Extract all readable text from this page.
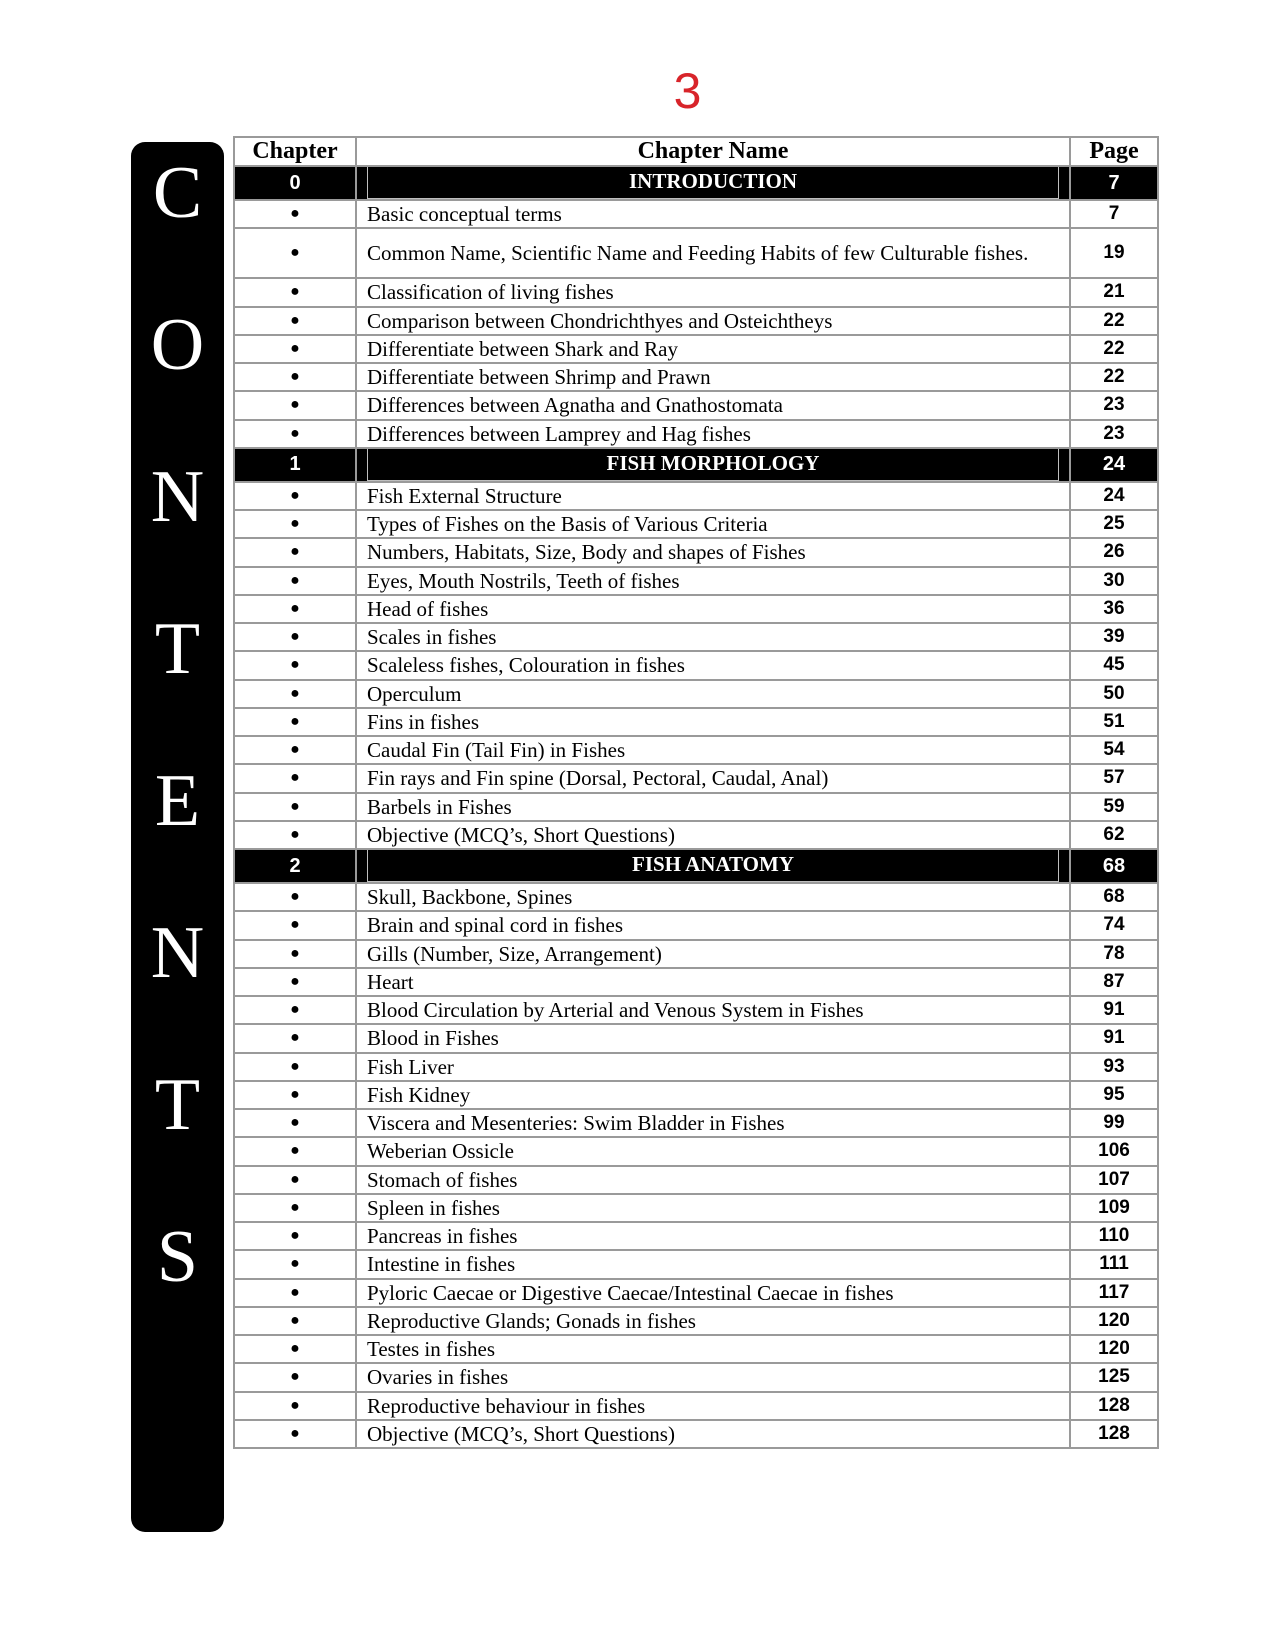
3
C
O
N
T
E
N
T
S
Chapter	Chapter Name	Page
0	INTRODUCTION	7
●	Basic conceptual terms	7
●	Common Name, Scientific Name and Feeding Habits of few Culturable fishes.	19
●	Classification of living fishes	21
●	Comparison between Chondrichthyes and Osteichtheys	22
●	Differentiate between Shark and Ray	22
●	Differentiate between Shrimp and Prawn	22
●	Differences between Agnatha and Gnathostomata	23
●	Differences between Lamprey and Hag fishes	23
1	FISH MORPHOLOGY	24
●	Fish External Structure	24
●	Types of Fishes on the Basis of Various Criteria	25
●	Numbers, Habitats, Size, Body and shapes of Fishes	26
●	Eyes, Mouth Nostrils, Teeth of fishes	30
●	Head of fishes	36
●	Scales in fishes	39
●	Scaleless fishes, Colouration in fishes	45
●	Operculum	50
●	Fins in fishes	51
●	Caudal Fin (Tail Fin) in Fishes	54
●	Fin rays and Fin spine (Dorsal, Pectoral, Caudal, Anal)	57
●	Barbels in Fishes	59
●	Objective (MCQ’s, Short Questions)	62
2	FISH ANATOMY	68
●	Skull, Backbone, Spines	68
●	Brain and spinal cord in fishes	74
●	Gills (Number, Size, Arrangement)	78
●	Heart	87
●	Blood Circulation by Arterial and Venous System in Fishes	91
●	Blood in Fishes	91
●	Fish Liver	93
●	Fish Kidney	95
●	Viscera and Mesenteries: Swim Bladder in Fishes	99
●	Weberian Ossicle	106
●	Stomach of fishes	107
●	Spleen in fishes	109
●	Pancreas in fishes	110
●	Intestine in fishes	111
●	Pyloric Caecae or Digestive Caecae/Intestinal Caecae in fishes	117
●	Reproductive Glands; Gonads in fishes	120
●	Testes in fishes	120
●	Ovaries in fishes	125
●	Reproductive behaviour in fishes	128
●	Objective (MCQ’s, Short Questions)	128
